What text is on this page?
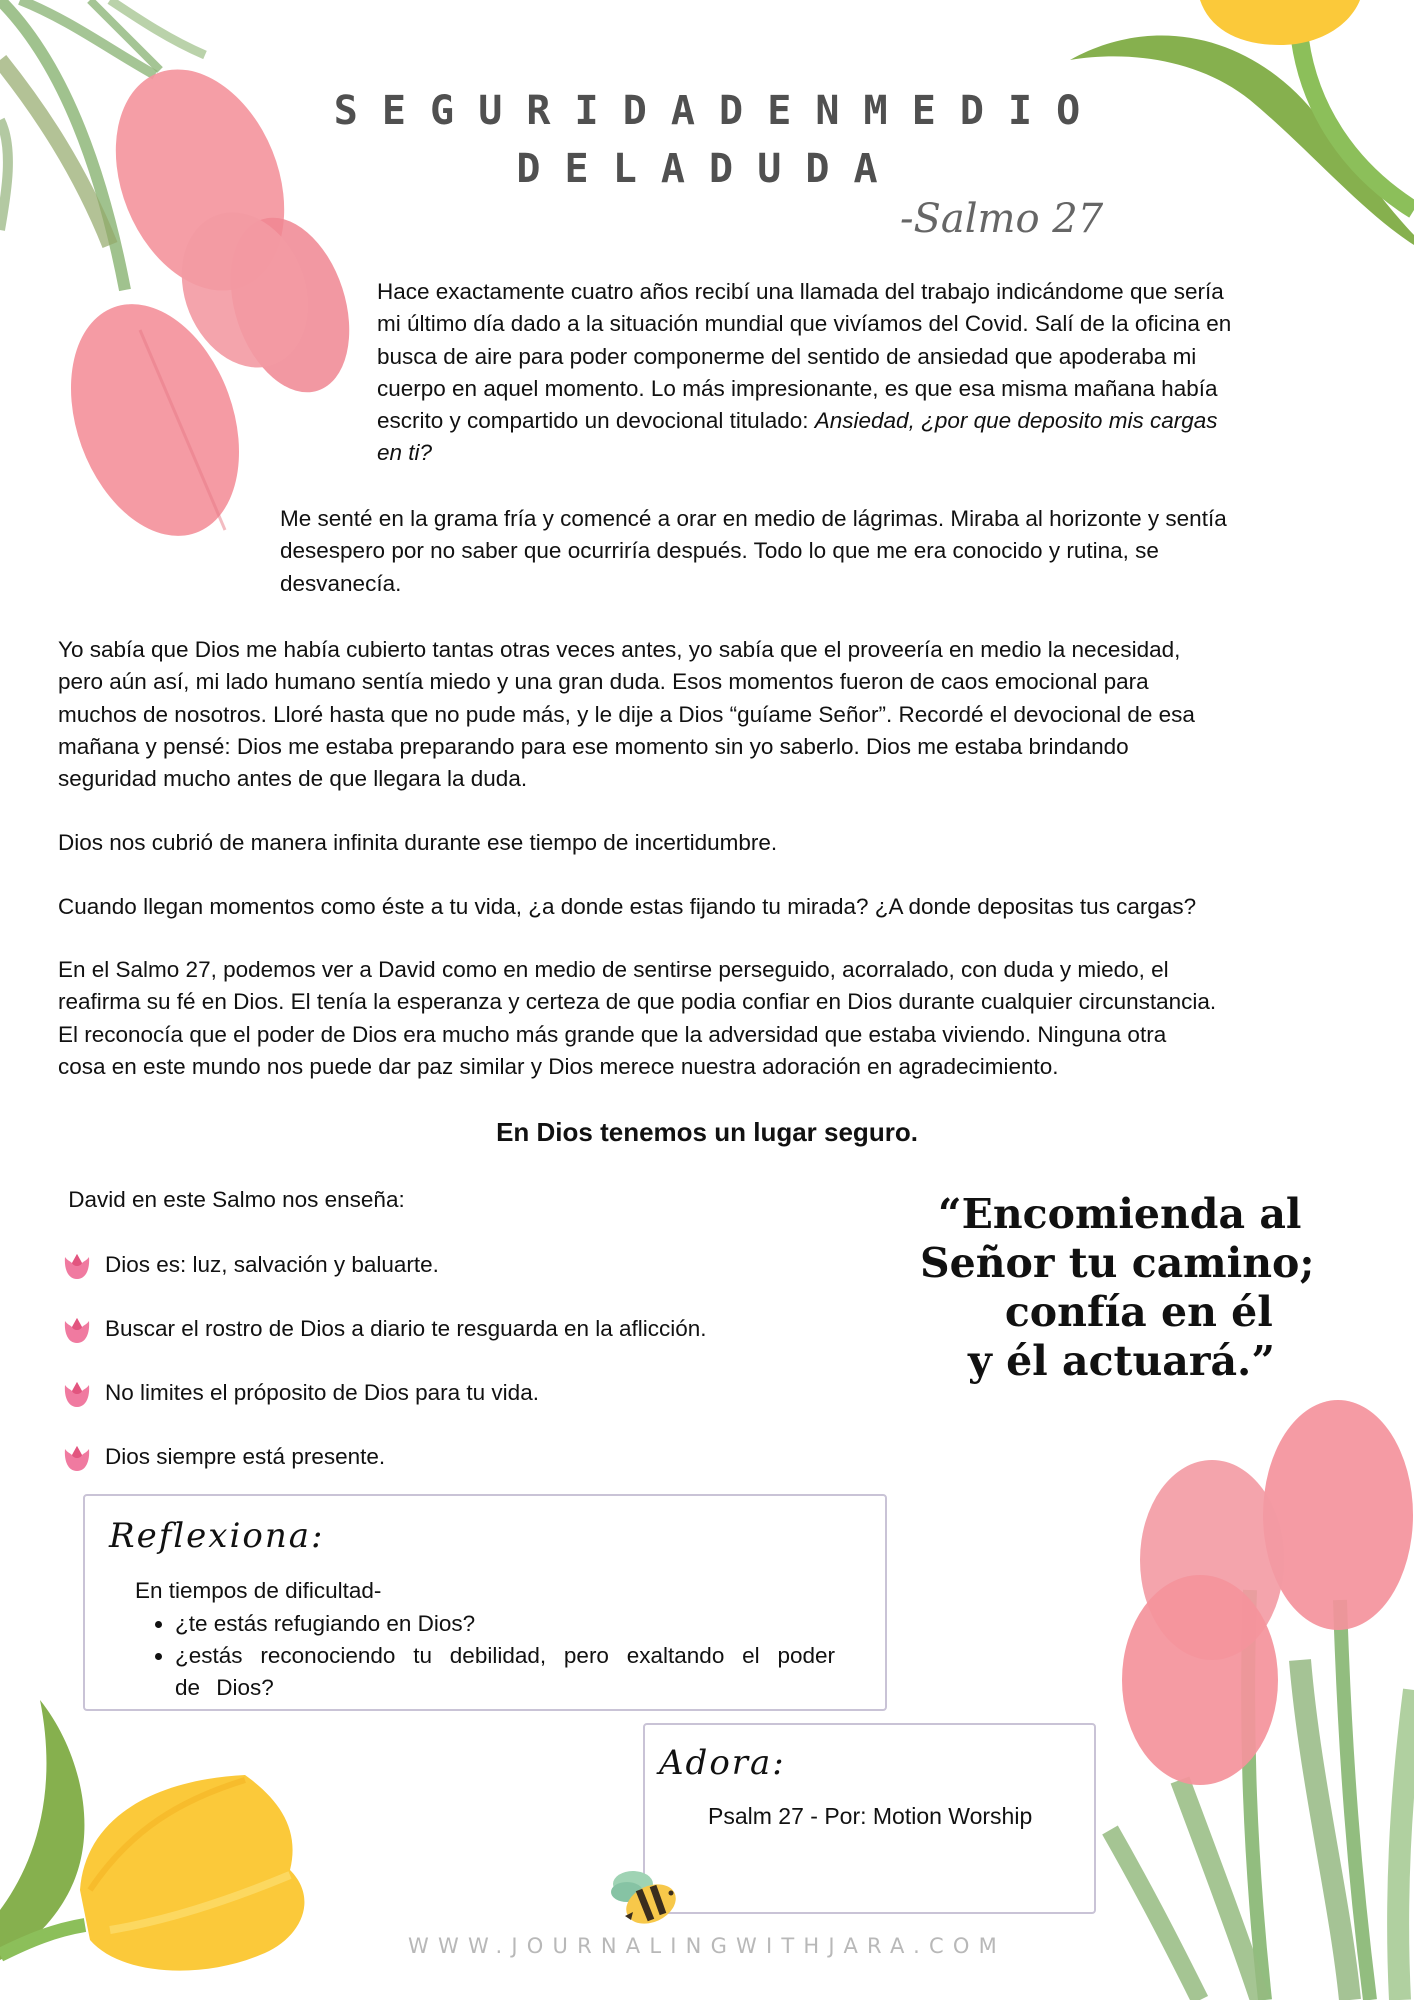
S E G U R I D A D E N M E D I O
D E L A D U D A
-Salmo 27
Hace exactamente cuatro años recibí una llamada del trabajo indicándome que sería
mi último día dado a la situación mundial que vivíamos del Covid. Salí de la oficina en
busca de aire para poder componerme del sentido de ansiedad que apoderaba mi
cuerpo en aquel momento. Lo más impresionante, es que esa misma mañana había
escrito y compartido un devocional titulado: Ansiedad, ¿por que deposito mis cargas
en ti?
Me senté en la grama fría y comencé a orar en medio de lágrimas. Miraba al horizonte y sentía
desespero por no saber que ocurriría después. Todo lo que me era conocido y rutina, se
desvanecía.
Yo sabía que Dios me había cubierto tantas otras veces antes, yo sabía que el proveería en medio la necesidad,
pero aún así, mi lado humano sentía miedo y una gran duda. Esos momentos fueron de caos emocional para
muchos de nosotros. Lloré hasta que no pude más, y le dije a Dios “guíame Señor”. Recordé el devocional de esa
mañana y pensé: Dios me estaba preparando para ese momento sin yo saberlo. Dios me estaba brindando
seguridad mucho antes de que llegara la duda.
Dios nos cubrió de manera infinita durante ese tiempo de incertidumbre.
Cuando llegan momentos como éste a tu vida, ¿a donde estas fijando tu mirada? ¿A donde depositas tus cargas?
En el Salmo 27, podemos ver a David como en medio de sentirse perseguido, acorralado, con duda y miedo, el
reafirma su fé en Dios. El tenía la esperanza y certeza de que podia confiar en Dios durante cualquier circunstancia.
El reconocía que el poder de Dios era mucho más grande que la adversidad que estaba viviendo. Ninguna otra
cosa en este mundo nos puede dar paz similar y Dios merece nuestra adoración en agradecimiento.
En Dios tenemos un lugar seguro.
David en este Salmo nos enseña:
Dios es: luz, salvación y baluarte.
Buscar el rostro de Dios a diario te resguarda en la aflicción.
No limites el próposito de Dios para tu vida.
Dios siempre está presente.
“Encomienda al
Señor tu camino;
confía en él
y él actuará.”
Reflexiona:
En tiempos de dificultad-
• ¿te estás refugiando en Dios?
• ¿estás reconociendo tu debilidad, pero exaltando el poder de Dios?
Adora:
Psalm 27 - Por: Motion Worship
WWW.JOURNALINGWITHJARA.COM
